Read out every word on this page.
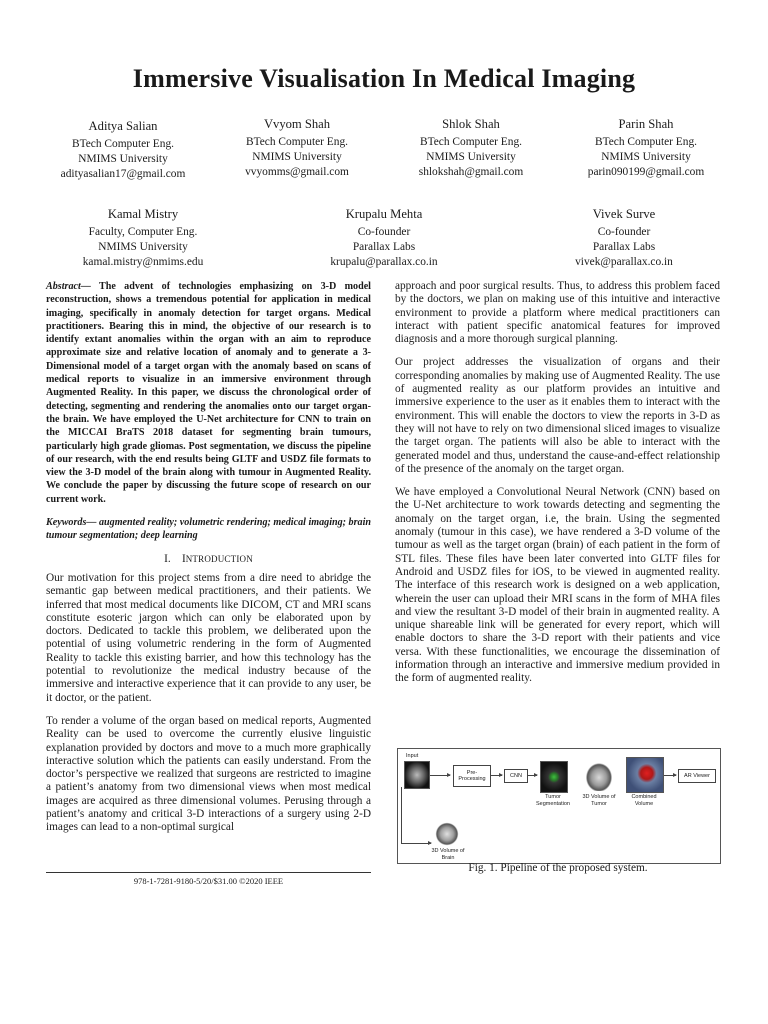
Immersive Visualisation In Medical Imaging
Aditya Salian
BTech Computer Eng.
NMIMS University
adityasalian17@gmail.com
Vvyom Shah
BTech Computer Eng.
NMIMS University
vvyomms@gmail.com
Shlok Shah
BTech Computer Eng.
NMIMS University
shlokshah@gmail.com
Parin Shah
BTech Computer Eng.
NMIMS University
parin090199@gmail.com
Kamal Mistry
Faculty, Computer Eng.
NMIMS University
kamal.mistry@nmims.edu
Krupalu Mehta
Co-founder
Parallax Labs
krupalu@parallax.co.in
Vivek Surve
Co-founder
Parallax Labs
vivek@parallax.co.in

Abstract— The advent of technologies emphasizing on 3-D model reconstruction, shows a tremendous potential for application in medical imaging, specifically in anomaly detection for target organs. Medical practitioners. Bearing this in mind, the objective of our research is to identify extant anomalies within the organ with an aim to reproduce approximate size and relative location of anomaly and to generate a 3-Dimensional model of a target organ with the anomaly based on scans of medical reports to visualize in an immersive environment through Augmented Reality. In this paper, we discuss the chronological order of detecting, segmenting and rendering the anomalies onto our target organ- the brain. We have employed the U-Net architecture for CNN to train on the MICCAI BraTS 2018 dataset for segmenting brain tumours, particularly high grade gliomas. Post segmentation, we discuss the pipeline of our research, with the end results being GLTF and USDZ file formats to view the 3-D model of the brain along with tumour in Augmented Reality. We conclude the paper by discussing the future scope of research on our current work.

Keywords— augmented reality; volumetric rendering; medical imaging; brain tumour segmentation; deep learning

I. INTRODUCTION

Our motivation for this project stems from a dire need to abridge the semantic gap between medical practitioners, and their patients. We inferred that most medical documents like DICOM, CT and MRI scans constitute esoteric jargon which can only be elaborated upon by doctors. Dedicated to tackle this problem, we deliberated upon the potential of using volumetric rendering in the form of Augmented Reality to tackle this existing barrier, and how this technology has the potential to revolutionize the medical industry because of the immersive and interactive experience that it can provide to any user, be it doctor, or the patient.

To render a volume of the organ based on medical reports, Augmented Reality can be used to overcome the currently elusive linguistic explanation provided by doctors and move to a much more graphically interactive solution which the patients can easily understand. From the doctor’s perspective we realized that surgeons are restricted to imagine a patient’s anatomy from two dimensional views when most medical images are acquired as three dimensional volumes. Perusing through a patient’s anatomy and critical 3-D interactions of a surgery using 2-D images can lead to a non-optimal surgical

978-1-7281-9180-5/20/$31.00 ©2020 IEEE

approach and poor surgical results. Thus, to address this problem faced by the doctors, we plan on making use of this intuitive and interactive environment to provide a platform where medical practitioners can interact with patient specific anatomical features for improved diagnosis and a more thorough surgical planning.

Our project addresses the visualization of organs and their corresponding anomalies by making use of Augmented Reality. The use of augmented reality as our platform provides an intuitive and immersive experience to the user as it enables them to interact with the environment. This will enable the doctors to view the reports in 3-D as they will not have to rely on two dimensional sliced images to visualize the target organ. The patients will also be able to interact with the generated model and thus, understand the cause-and-effect relationship of the presence of the anomaly on the target organ.

We have employed a Convolutional Neural Network (CNN) based on the U-Net architecture to work towards detecting and segmenting the anomaly on the target organ, i.e, the brain. Using the segmented anomaly (tumour in this case), we have rendered a 3-D volume of the tumour as well as the target organ (brain) of each patient in the form of STL files. These files have been later converted into GLTF files for Android and USDZ files for iOS, to be viewed in augmented reality. The interface of this research work is designed on a web application, wherein the user can upload their MRI scans in the form of MHA files and view the resultant 3-D model of their brain in augmented reality. A unique shareable link will be generated for every report, which will enable doctors to share the 3-D report with their patients and vice versa. With these functionalities, we encourage the dissemination of information through an interactive and immersive medium provided in the form of augmented reality.

Input
Pre-Processing
CNN
Tumor Segmentation
3D Volume of Tumor
Combined Volume
AR Viewer
3D Volume of Brain
Fig. 1. Pipeline of the proposed system.
